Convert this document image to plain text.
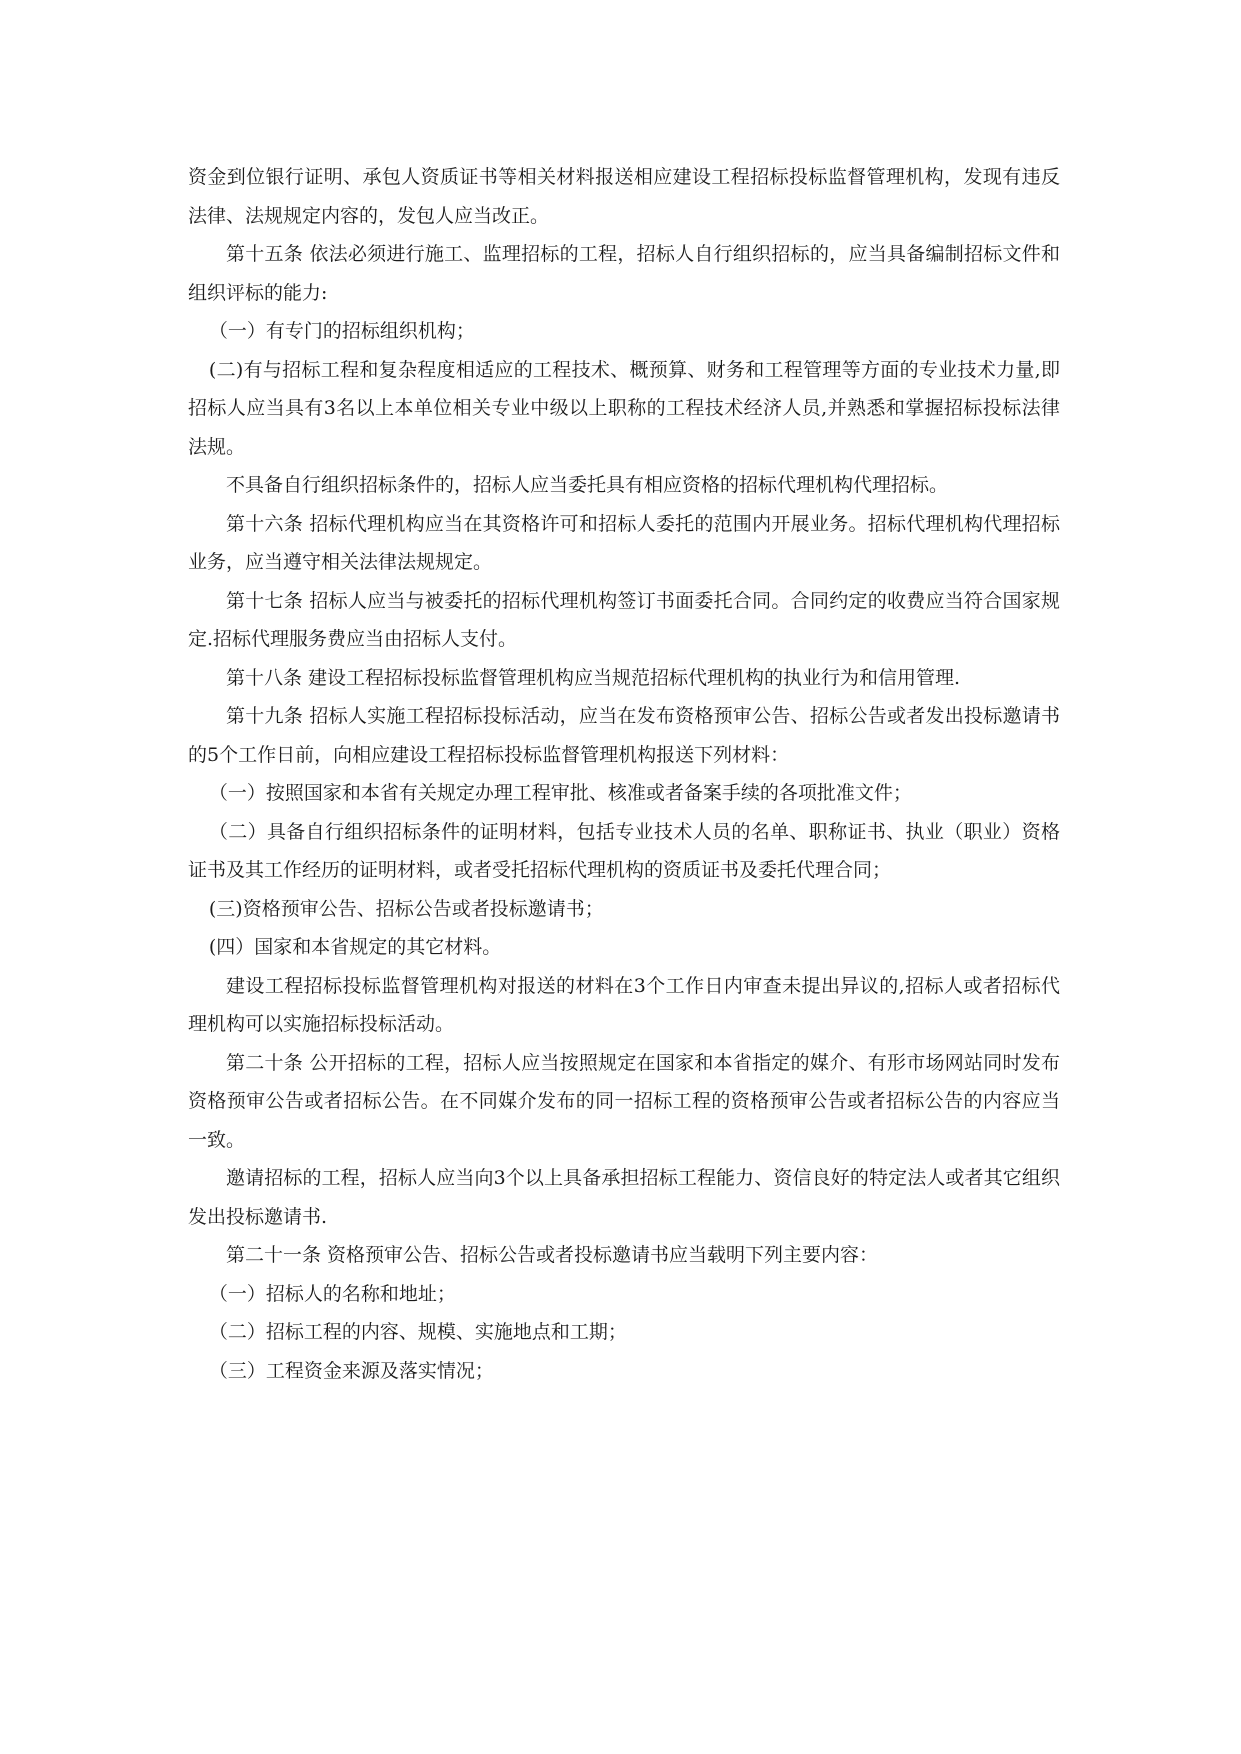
资金到位银行证明、承包人资质证书等相关材料报送相应建设工程招标投标监督管理机构，发现有违反法律、法规规定内容的，发包人应当改正。

第十五条 依法必须进行施工、监理招标的工程，招标人自行组织招标的，应当具备编制招标文件和组织评标的能力:

（一）有专门的招标组织机构；

(二)有与招标工程和复杂程度相适应的工程技术、概预算、财务和工程管理等方面的专业技术力量,即招标人应当具有3名以上本单位相关专业中级以上职称的工程技术经济人员,并熟悉和掌握招标投标法律法规。

不具备自行组织招标条件的，招标人应当委托具有相应资格的招标代理机构代理招标。

第十六条 招标代理机构应当在其资格许可和招标人委托的范围内开展业务。招标代理机构代理招标业务，应当遵守相关法律法规规定。

第十七条 招标人应当与被委托的招标代理机构签订书面委托合同。合同约定的收费应当符合国家规定.招标代理服务费应当由招标人支付。

第十八条 建设工程招标投标监督管理机构应当规范招标代理机构的执业行为和信用管理.

第十九条 招标人实施工程招标投标活动，应当在发布资格预审公告、招标公告或者发出投标邀请书的5个工作日前，向相应建设工程招标投标监督管理机构报送下列材料：

（一）按照国家和本省有关规定办理工程审批、核准或者备案手续的各项批准文件；

（二）具备自行组织招标条件的证明材料，包括专业技术人员的名单、职称证书、执业（职业）资格证书及其工作经历的证明材料，或者受托招标代理机构的资质证书及委托代理合同；

(三)资格预审公告、招标公告或者投标邀请书；

(四）国家和本省规定的其它材料。

建设工程招标投标监督管理机构对报送的材料在3个工作日内审查未提出异议的,招标人或者招标代理机构可以实施招标投标活动。

第二十条 公开招标的工程，招标人应当按照规定在国家和本省指定的媒介、有形市场网站同时发布资格预审公告或者招标公告。在不同媒介发布的同一招标工程的资格预审公告或者招标公告的内容应当一致。

邀请招标的工程，招标人应当向3个以上具备承担招标工程能力、资信良好的特定法人或者其它组织发出投标邀请书.

第二十一条 资格预审公告、招标公告或者投标邀请书应当载明下列主要内容：

（一）招标人的名称和地址；

（二）招标工程的内容、规模、实施地点和工期；

（三）工程资金来源及落实情况；
